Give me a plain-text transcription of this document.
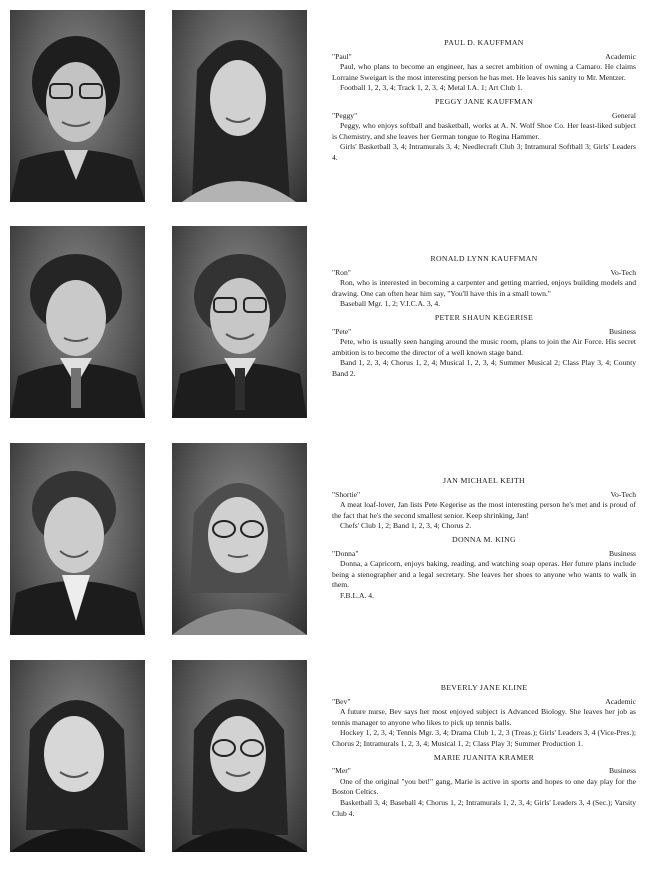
PAUL D. KAUFFMAN
"Paul"	Academic

Paul, who plans to become an engineer, has a secret ambition of owning a Camaro. He claims Lorraine Sweigart is the most interesting person he has met. He leaves his sanity to Mr. Mentzer.

Football 1, 2, 3, 4; Track 1, 2, 3, 4; Metal I.A. 1; Art Club 1.

PEGGY JANE KAUFFMAN
"Peggy"	General

Peggy, who enjoys softball and basketball, works at A. N. Wolf Shoe Co. Her least-liked subject is Chemistry, and she leaves her German tongue to Regina Hammer.

Girls' Basketball 3, 4; Intramurals 3, 4; Needlecraft Club 3; Intramural Softball 3; Girls' Leaders 4.

RONALD LYNN KAUFFMAN
"Ron"	Vo-Tech

Ron, who is interested in becoming a carpenter and getting married, enjoys building models and drawing. One can often hear him say, "You'll have this in a small town."

Baseball Mgr. 1, 2; V.I.C.A. 3, 4.

PETER SHAUN KEGERISE
"Pete"	Business

Pete, who is usually seen hanging around the music room, plans to join the Air Force. His secret ambition is to become the director of a well known stage band.

Band 1, 2, 3, 4; Chorus 1, 2, 4; Musical 1, 2, 3, 4; Summer Musical 2; Class Play 3, 4; County Band 2.

JAN MICHAEL KEITH
"Shortie"	Vo-Tech

A meat loaf-lover, Jan lists Pete Kegerise as the most interesting person he's met and is proud of the fact that he's the second smallest senior. Keep shrinking, Jan!

Chefs' Club 1, 2; Band 1, 2, 3, 4; Chorus 2.

DONNA M. KING
"Donna"	Business

Donna, a Capricorn, enjoys baking, reading, and watching soap operas. Her future plans include being a stenographer and a legal secretary. She leaves her shoes to anyone who wants to walk in them.

F.B.L.A. 4.

BEVERLY JANE KLINE
"Bev"	Academic

A future nurse, Bev says her most enjoyed subject is Advanced Biology. She leaves her job as tennis manager to anyone who likes to pick up tennis balls.

Hockey 1, 2, 3, 4; Tennis Mgr. 3, 4; Drama Club 1, 2, 3 (Treas.); Girls' Leaders 3, 4 (Vice-Pres.); Chorus 2; Intramurals 1, 2, 3, 4; Musical 1, 2; Class Play 3; Summer Production 1.

MARIE JUANITA KRAMER
"Mer"	Business

One of the original "you bet!" gang, Marie is active in sports and hopes to one day play for the Boston Celtics.

Basketball 3, 4; Baseball 4; Chorus 1, 2; Intramurals 1, 2, 3, 4; Girls' Leaders 3, 4 (Sec.); Varsity Club 4.
